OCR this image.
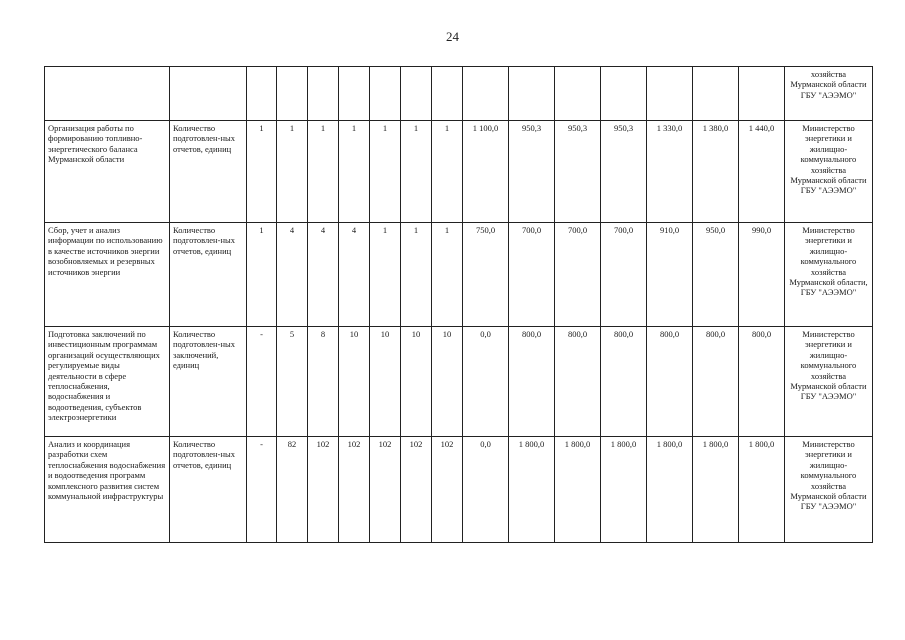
24
																хозяйства Мурманской области ГБУ "АЭЭМО"
Организация работы по формированию топливно-энергетического баланса Мурманской области	Количество подготовлен-ных отчетов, единиц	1	1	1	1	1	1	1	1 100,0	950,3	950,3	950,3	1 330,0	1 380,0	1 440,0	Министерство энергетики и жилищно-коммунального хозяйства Мурманской области ГБУ "АЭЭМО"
Сбор, учет и анализ информации по использованию в качестве источников энергии возобновляемых и резервных источников энергии	Количество подготовлен-ных отчетов, единиц	1	4	4	4	1	1	1	750,0	700,0	700,0	700,0	910,0	950,0	990,0	Министерство энергетики и жилищно-коммунального хозяйства Мурманской области, ГБУ "АЭЭМО"
Подготовка заключений по инвестиционным программам организаций осуществляющих регулируемые виды деятельности в сфере теплоснабжения, водоснабжения и водоотведения, субъектов электроэнергетики	Количество подготовлен-ных заключений, единиц	-	5	8	10	10	10	10	0,0	800,0	800,0	800,0	800,0	800,0	800,0	Министерство энергетики и жилищно-коммунального хозяйства Мурманской области ГБУ "АЭЭМО"
Анализ и координация разработки схем теплоснабжения водоснабжения и водоотведения программ комплексного развития систем коммунальной инфраструктуры	Количество подготовлен-ных отчетов, единиц	-	82	102	102	102	102	102	0,0	1 800,0	1 800,0	1 800,0	1 800,0	1 800,0	1 800,0	Министерство энергетики и жилищно-коммунального хозяйства Мурманской области ГБУ "АЭЭМО"
